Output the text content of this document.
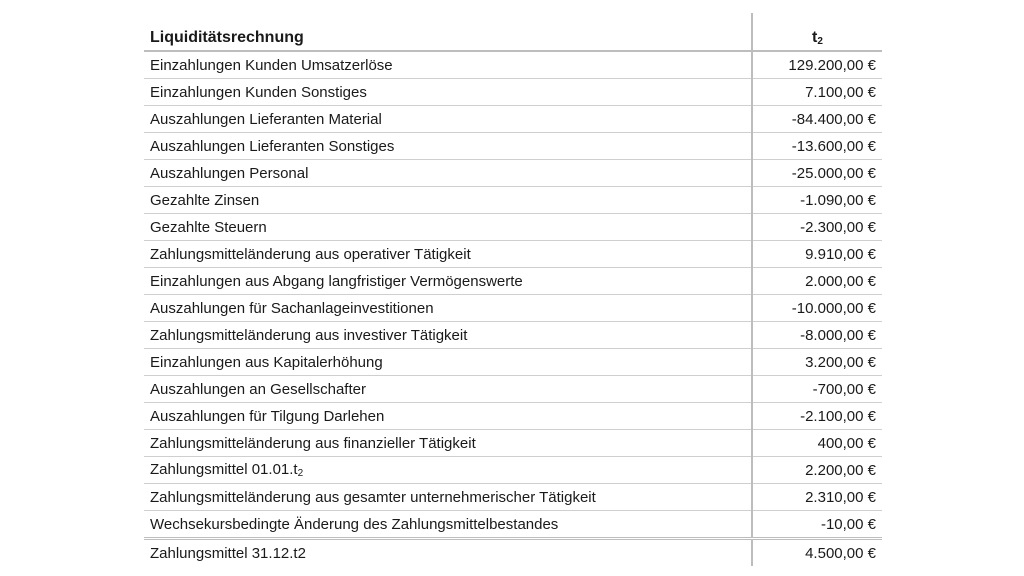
Liquiditätsrechnung	$t_2$
Einzahlungen Kunden Umsatzerlöse	129.200,00 €
Einzahlungen Kunden Sonstiges	7.100,00 €
Auszahlungen Lieferanten Material	-84.400,00 €
Auszahlungen Lieferanten Sonstiges	-13.600,00 €
Auszahlungen Personal	-25.000,00 €
Gezahlte Zinsen	-1.090,00 €
Gezahlte Steuern	-2.300,00 €
Zahlungsmitteländerung aus operativer Tätigkeit	9.910,00 €
Einzahlungen aus Abgang langfristiger Vermögenswerte	2.000,00 €
Auszahlungen für Sachanlageinvestitionen	-10.000,00 €
Zahlungsmitteländerung aus investiver Tätigkeit	-8.000,00 €
Einzahlungen aus Kapitalerhöhung	3.200,00 €
Auszahlungen an Gesellschafter	-700,00 €
Auszahlungen für Tilgung Darlehen	-2.100,00 €
Zahlungsmitteländerung aus finanzieller Tätigkeit	400,00 €
Zahlungsmittel 01.01.t2	2.200,00 €
Zahlungsmitteländerung aus gesamter unternehmerischer Tätigkeit	2.310,00 €
Wechsekursbedingte Änderung des Zahlungsmittelbestandes	-10,00 €
Zahlungsmittel 31.12.t2	4.500,00 €
